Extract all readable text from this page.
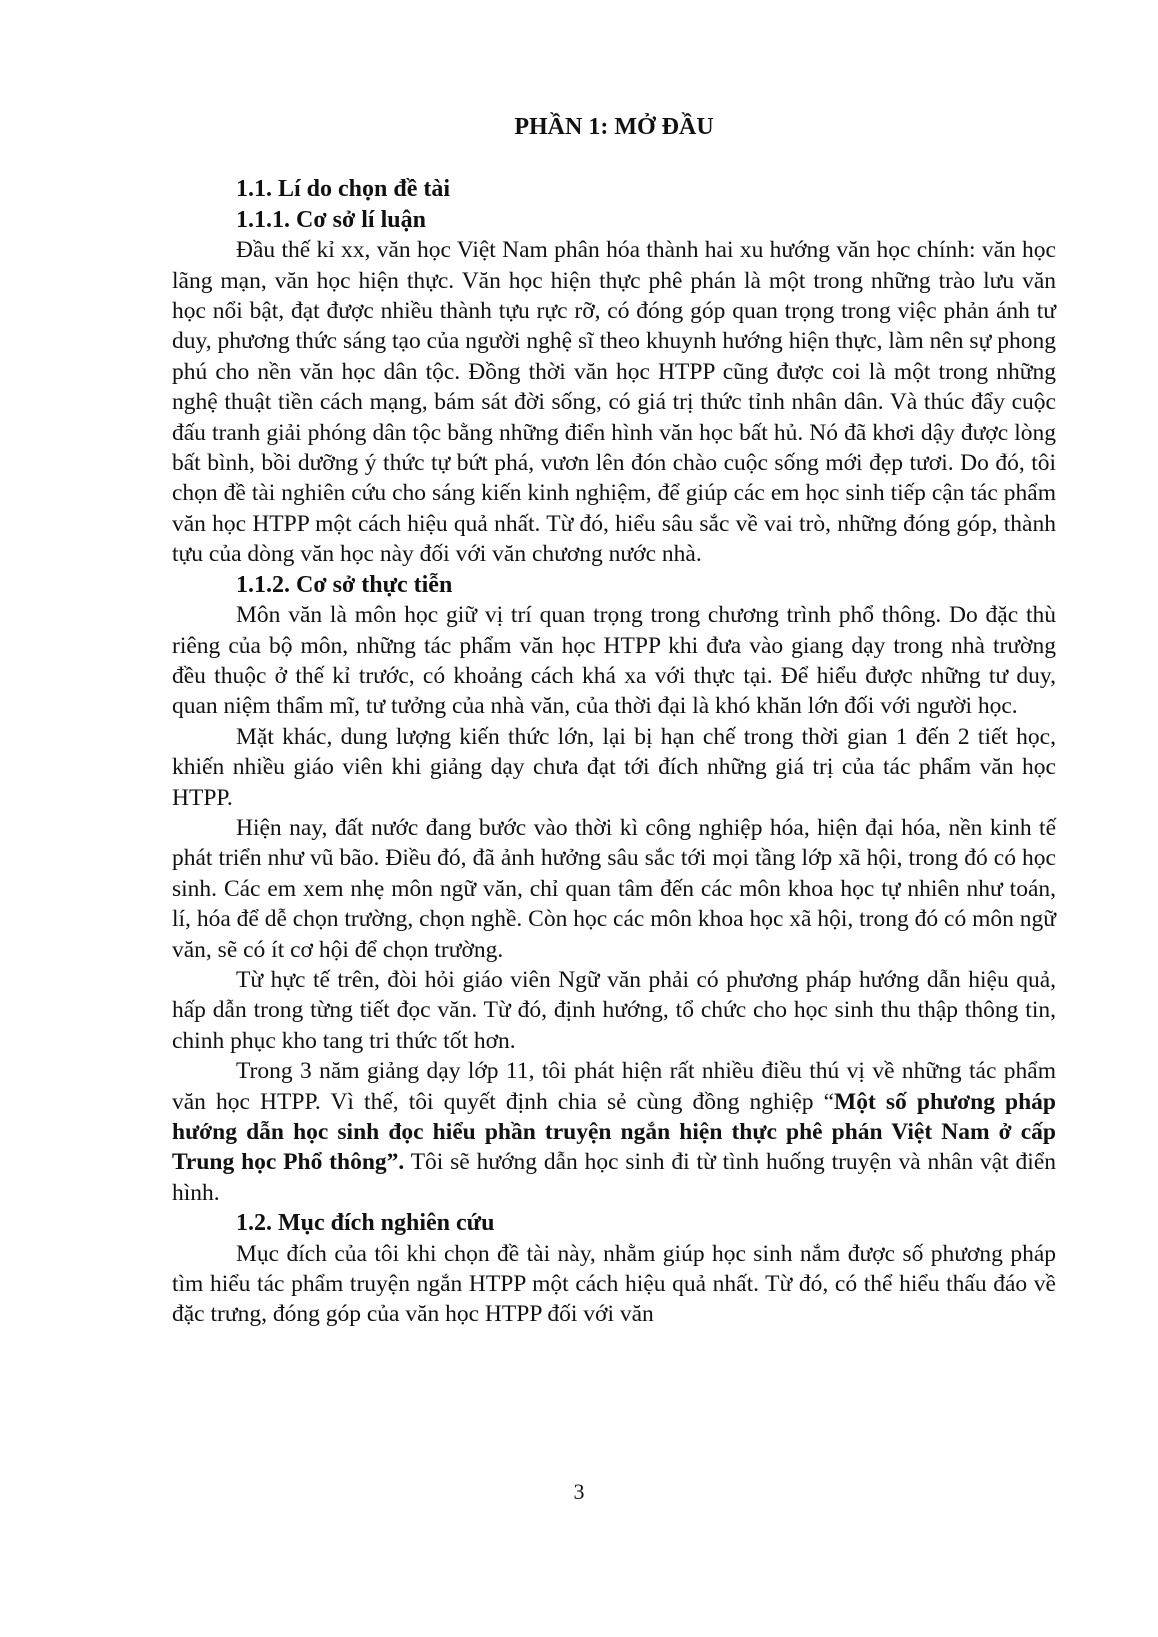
PHẦN 1: MỞ ĐẦU

1.1. Lí do chọn đề tài

1.1.1. Cơ sở lí luận

Đầu thế kỉ xx, văn học Việt Nam phân hóa thành hai xu hướng văn học chính: văn học lãng mạn, văn học hiện thực. Văn học hiện thực phê phán là một trong những trào lưu văn học nổi bật, đạt được nhiều thành tựu rực rỡ, có đóng góp quan trọng trong việc phản ánh tư duy, phương thức sáng tạo của người nghệ sĩ theo khuynh hướng hiện thực, làm nên sự phong phú cho nền văn học dân tộc. Đồng thời văn học HTPP cũng được coi là một trong những nghệ thuật tiền cách mạng, bám sát đời sống, có giá trị thức tỉnh nhân dân. Và thúc đẩy cuộc đấu tranh giải phóng dân tộc bằng những điển hình văn học bất hủ. Nó đã khơi dậy được lòng bất bình, bồi dưỡng ý thức tự bứt phá, vươn lên đón chào cuộc sống mới đẹp tươi. Do đó, tôi chọn đề tài nghiên cứu cho sáng kiến kinh nghiệm, để giúp các em học sinh tiếp cận tác phẩm văn học HTPP một cách hiệu quả nhất. Từ đó, hiểu sâu sắc về vai trò, những đóng góp, thành tựu của dòng văn học này đối với văn chương nước nhà.

1.1.2. Cơ sở thực tiễn

Môn văn là môn học giữ vị trí quan trọng trong chương trình phổ thông. Do đặc thù riêng của bộ môn, những tác phẩm văn học HTPP khi đưa vào giang dạy trong nhà trường đều thuộc ở thế kỉ trước, có khoảng cách khá xa với thực tại. Để hiểu được những tư duy, quan niệm thẩm mĩ, tư tưởng của nhà văn, của thời đại là khó khăn lớn đối với người học.

Mặt khác, dung lượng kiến thức lớn, lại bị hạn chế trong thời gian 1 đến 2 tiết học, khiến nhiều giáo viên khi giảng dạy chưa đạt tới đích những giá trị của tác phẩm văn học HTPP.

Hiện nay, đất nước đang bước vào thời kì công nghiệp hóa, hiện đại hóa, nền kinh tế phát triển như vũ bão. Điều đó, đã ảnh hưởng sâu sắc tới mọi tầng lớp xã hội, trong đó có học sinh. Các em xem nhẹ môn ngữ văn, chỉ quan tâm đến các môn khoa học tự nhiên như toán, lí, hóa để dễ chọn trường, chọn nghề. Còn học các môn khoa học xã hội, trong đó có môn ngữ văn, sẽ có ít cơ hội để chọn trường.

Từ hực tế trên, đòi hỏi giáo viên Ngữ văn phải có phương pháp hướng dẫn hiệu quả, hấp dẫn trong từng tiết đọc văn. Từ đó, định hướng, tổ chức cho học sinh thu thập thông tin, chinh phục kho tang tri thức tốt hơn.

Trong 3 năm giảng dạy lớp 11, tôi phát hiện rất nhiều điều thú vị về những tác phẩm văn học HTPP. Vì thế, tôi quyết định chia sẻ cùng đồng nghiệp “Một số phương pháp hướng dẫn học sinh đọc hiểu phần truyện ngắn hiện thực phê phán Việt Nam ở cấp Trung học Phổ thông”. Tôi sẽ hướng dẫn học sinh đi từ tình huống truyện và nhân vật điển hình.

1.2. Mục đích nghiên cứu

Mục đích của tôi khi chọn đề tài này, nhằm giúp học sinh nắm được số phương pháp tìm hiểu tác phẩm truyện ngắn HTPP một cách hiệu quả nhất. Từ đó, có thể hiểu thấu đáo về đặc trưng, đóng góp của văn học HTPP đối với văn

3
